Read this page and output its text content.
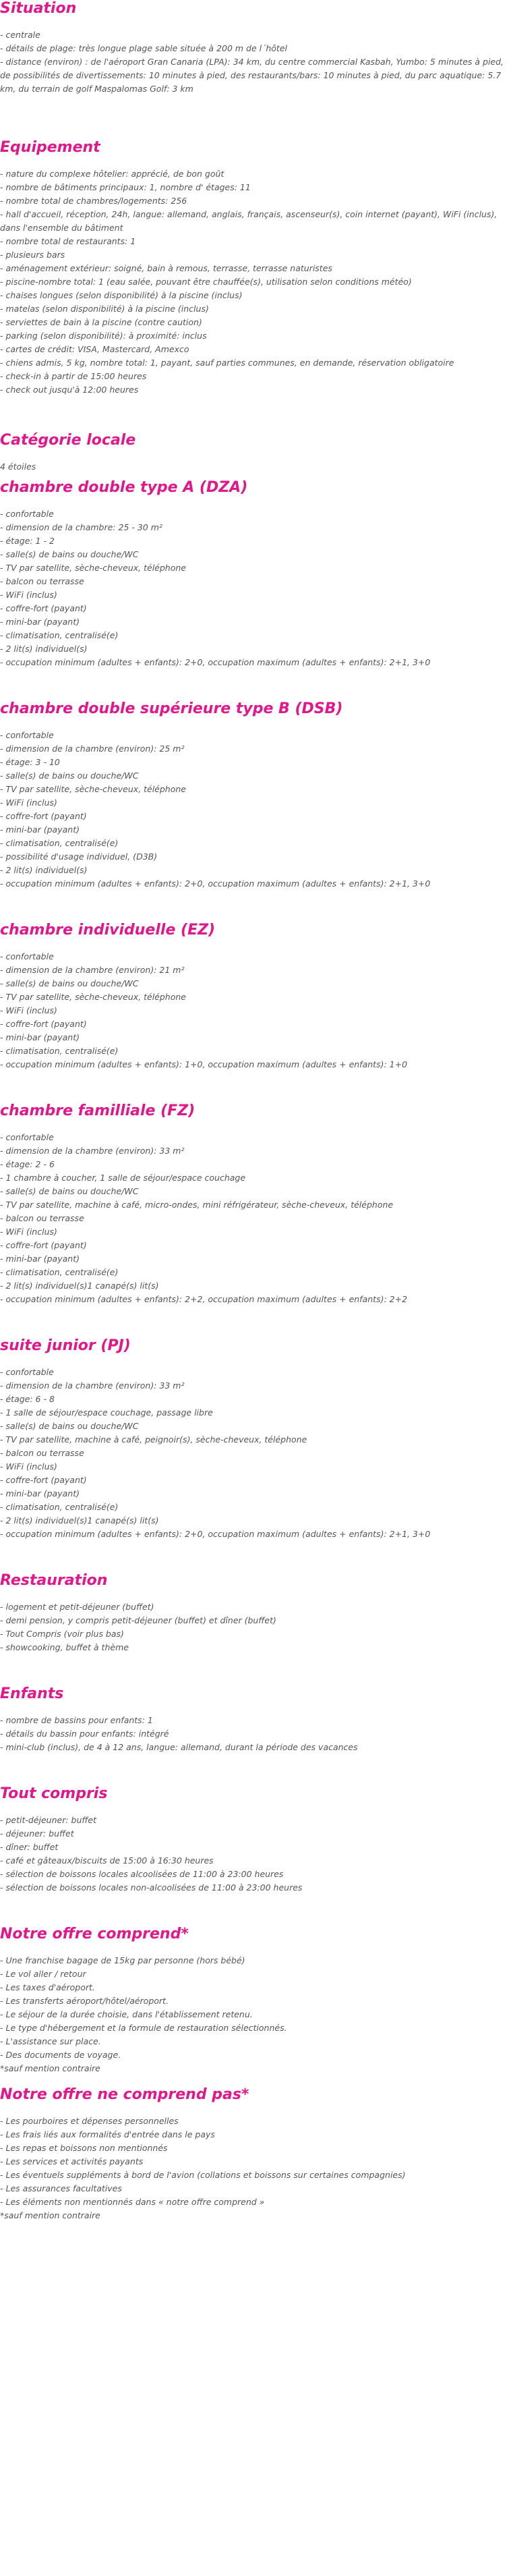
Situation
- centrale
- détails de plage: très longue plage sable située à 200 m de l´hôtel
- distance (environ) : de l'aéroport Gran Canaria (LPA): 34 km, du centre commercial Kasbah, Yumbo: 5 minutes à pied, de possibilités de divertissements: 10 minutes à pied, des restaurants/bars: 10 minutes à pied, du parc aquatique: 5.7 km, du terrain de golf Maspalomas Golf: 3 km
Equipement
- nature du complexe hôtelier: apprécié, de bon goût
- nombre de bâtiments principaux: 1, nombre d' étages: 11
- nombre total de chambres/logements: 256
- hall d'accueil, réception, 24h, langue: allemand, anglais, français, ascenseur(s), coin internet (payant), WiFi (inclus), dans l'ensemble du bâtiment
- nombre total de restaurants: 1
- plusieurs bars
- aménagement extérieur: soigné, bain à remous, terrasse, terrasse naturistes
- piscine-nombre total: 1 (eau salée, pouvant être chauffée(s), utilisation selon conditions météo)
- chaises longues (selon disponibilité) à la piscine (inclus)
- matelas (selon disponibilité) à la piscine (inclus)
- serviettes de bain à la piscine (contre caution)
- parking (selon disponibilité): à proximité: inclus
- cartes de crédit: VISA, Mastercard, Amexco
- chiens admis, 5 kg, nombre total: 1, payant, sauf parties communes, en demande, réservation obligatoire
- check-in à partir de 15:00 heures
- check out jusqu'à 12:00 heures
Catégorie locale
4 étoiles
chambre double type A (DZA)
- confortable
- dimension de la chambre: 25 - 30 m²
- étage: 1 - 2
- salle(s) de bains ou douche/WC
- TV par satellite, sèche-cheveux, téléphone
- balcon ou terrasse
- WiFi (inclus)
- coffre-fort (payant)
- mini-bar (payant)
- climatisation, centralisé(e)
- 2 lit(s) individuel(s)
- occupation minimum (adultes + enfants): 2+0, occupation maximum (adultes + enfants): 2+1, 3+0
chambre double supérieure type B (DSB)
- confortable
- dimension de la chambre (environ): 25 m²
- étage: 3 - 10
- salle(s) de bains ou douche/WC
- TV par satellite, sèche-cheveux, téléphone
- WiFi (inclus)
- coffre-fort (payant)
- mini-bar (payant)
- climatisation, centralisé(e)
- possibilité d'usage individuel, (D3B)
- 2 lit(s) individuel(s)
- occupation minimum (adultes + enfants): 2+0, occupation maximum (adultes + enfants): 2+1, 3+0
chambre individuelle (EZ)
- confortable
- dimension de la chambre (environ): 21 m²
- salle(s) de bains ou douche/WC
- TV par satellite, sèche-cheveux, téléphone
- WiFi (inclus)
- coffre-fort (payant)
- mini-bar (payant)
- climatisation, centralisé(e)
- occupation minimum (adultes + enfants): 1+0, occupation maximum (adultes + enfants): 1+0
chambre familliale (FZ)
- confortable
- dimension de la chambre (environ): 33 m²
- étage: 2 - 6
- 1 chambre à coucher, 1 salle de séjour/espace couchage
- salle(s) de bains ou douche/WC
- TV par satellite, machine à café, micro-ondes, mini réfrigérateur, sèche-cheveux, téléphone
- balcon ou terrasse
- WiFi (inclus)
- coffre-fort (payant)
- mini-bar (payant)
- climatisation, centralisé(e)
- 2 lit(s) individuel(s)1 canapé(s) lit(s)
- occupation minimum (adultes + enfants): 2+2, occupation maximum (adultes + enfants): 2+2
suite junior (PJ)
- confortable
- dimension de la chambre (environ): 33 m²
- étage: 6 - 8
- 1 salle de séjour/espace couchage, passage libre
- salle(s) de bains ou douche/WC
- TV par satellite, machine à café, peignoir(s), sèche-cheveux, téléphone
- balcon ou terrasse
- WiFi (inclus)
- coffre-fort (payant)
- mini-bar (payant)
- climatisation, centralisé(e)
- 2 lit(s) individuel(s)1 canapé(s) lit(s)
- occupation minimum (adultes + enfants): 2+0, occupation maximum (adultes + enfants): 2+1, 3+0
Restauration
- logement et petit-déjeuner (buffet)
- demi pension, y compris petit-déjeuner (buffet) et dîner (buffet)
- Tout Compris (voir plus bas)
- showcooking, buffet à thème
Enfants
- nombre de bassins pour enfants: 1
- détails du bassin pour enfants: intégré
- mini-club (inclus), de 4 à 12 ans, langue: allemand, durant la période des vacances
Tout compris
- petit-déjeuner: buffet
- déjeuner: buffet
- dîner: buffet
- café et gâteaux/biscuits de 15:00 à 16:30 heures
- sélection de boissons locales alcoolisées de 11:00 à 23:00 heures
- sélection de boissons locales non-alcoolisées de 11:00 à 23:00 heures
Notre offre comprend*
- Une franchise bagage de 15kg par personne (hors bébé)
- Le vol aller / retour
- Les taxes d'aéroport.
- Les transferts aéroport/hôtel/aéroport.
- Le séjour de la durée choisie, dans l'établissement retenu.
- Le type d'hébergement et la formule de restauration sélectionnés.
- L'assistance sur place.
- Des documents de voyage.
*sauf mention contraire
Notre offre ne comprend pas*
- Les pourboires et dépenses personnelles
- Les frais liés aux formalités d'entrée dans le pays
- Les repas et boissons non mentionnés
- Les services et activités payants
- Les éventuels suppléments à bord de l'avion (collations et boissons sur certaines compagnies)
- Les assurances facultatives
- Les éléments non mentionnés dans « notre offre comprend »
*sauf mention contraire
